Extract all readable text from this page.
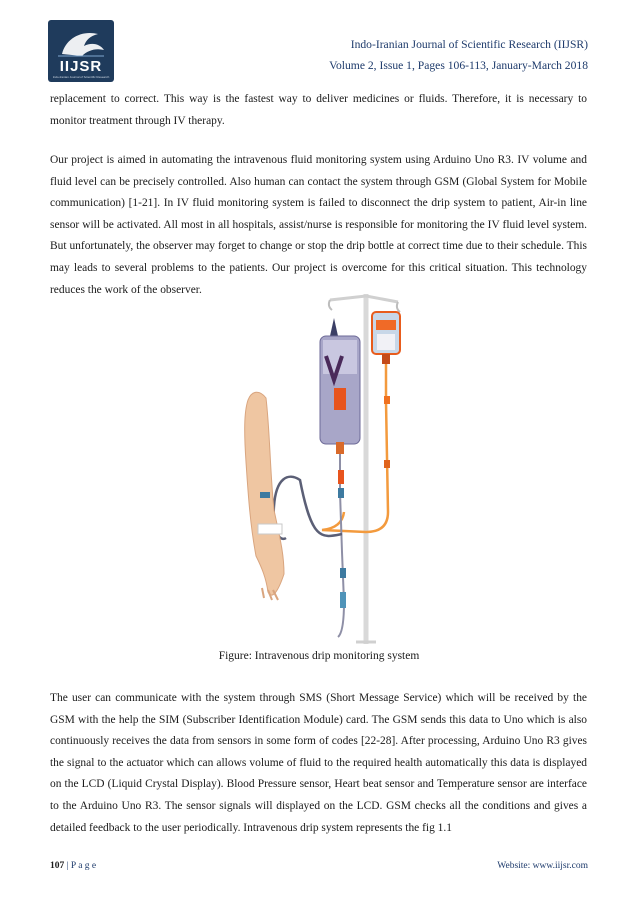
IIJSR
Indo-Iranian Journal of Scientific Research
Indo-Iranian Journal of Scientific Research (IIJSR)
Volume 2, Issue 1, Pages 106-113, January-March 2018

replacement to correct. This way is the fastest way to deliver medicines or fluids. Therefore, it is necessary to monitor treatment through IV therapy.

Our project is aimed in automating the intravenous fluid monitoring system using Arduino Uno R3. IV volume and fluid level can be precisely controlled. Also human can contact the system through GSM (Global System for Mobile communication) [1-21]. In IV fluid monitoring system is failed to disconnect the drip system to patient, Air-in line sensor will be activated. All most in all hospitals, assist/nurse is responsible for monitoring the IV fluid level system. But unfortunately, the observer may forget to change or stop the drip bottle at correct time due to their schedule. This may leads to several problems to the patients. Our project is overcome for this critical situation. This technology reduces the work of the observer.

Figure: Intravenous drip monitoring system

The user can communicate with the system through SMS (Short Message Service) which will be received by the GSM with the help the SIM (Subscriber Identification Module) card. The GSM sends this data to Uno which is also continuously receives the data from sensors in some form of codes [22-28]. After processing, Arduino Uno R3 gives the signal to the actuator which can allows volume of fluid to the required health automatically this data is displayed on the LCD (Liquid Crystal Display). Blood Pressure sensor, Heart beat sensor and Temperature sensor are interface to the Arduino Uno R3. The sensor signals will displayed on the LCD. GSM checks all the conditions and gives a detailed feedback to the user periodically. Intravenous drip system represents the fig 1.1

107 | P a g e	Website: www.iijsr.com
